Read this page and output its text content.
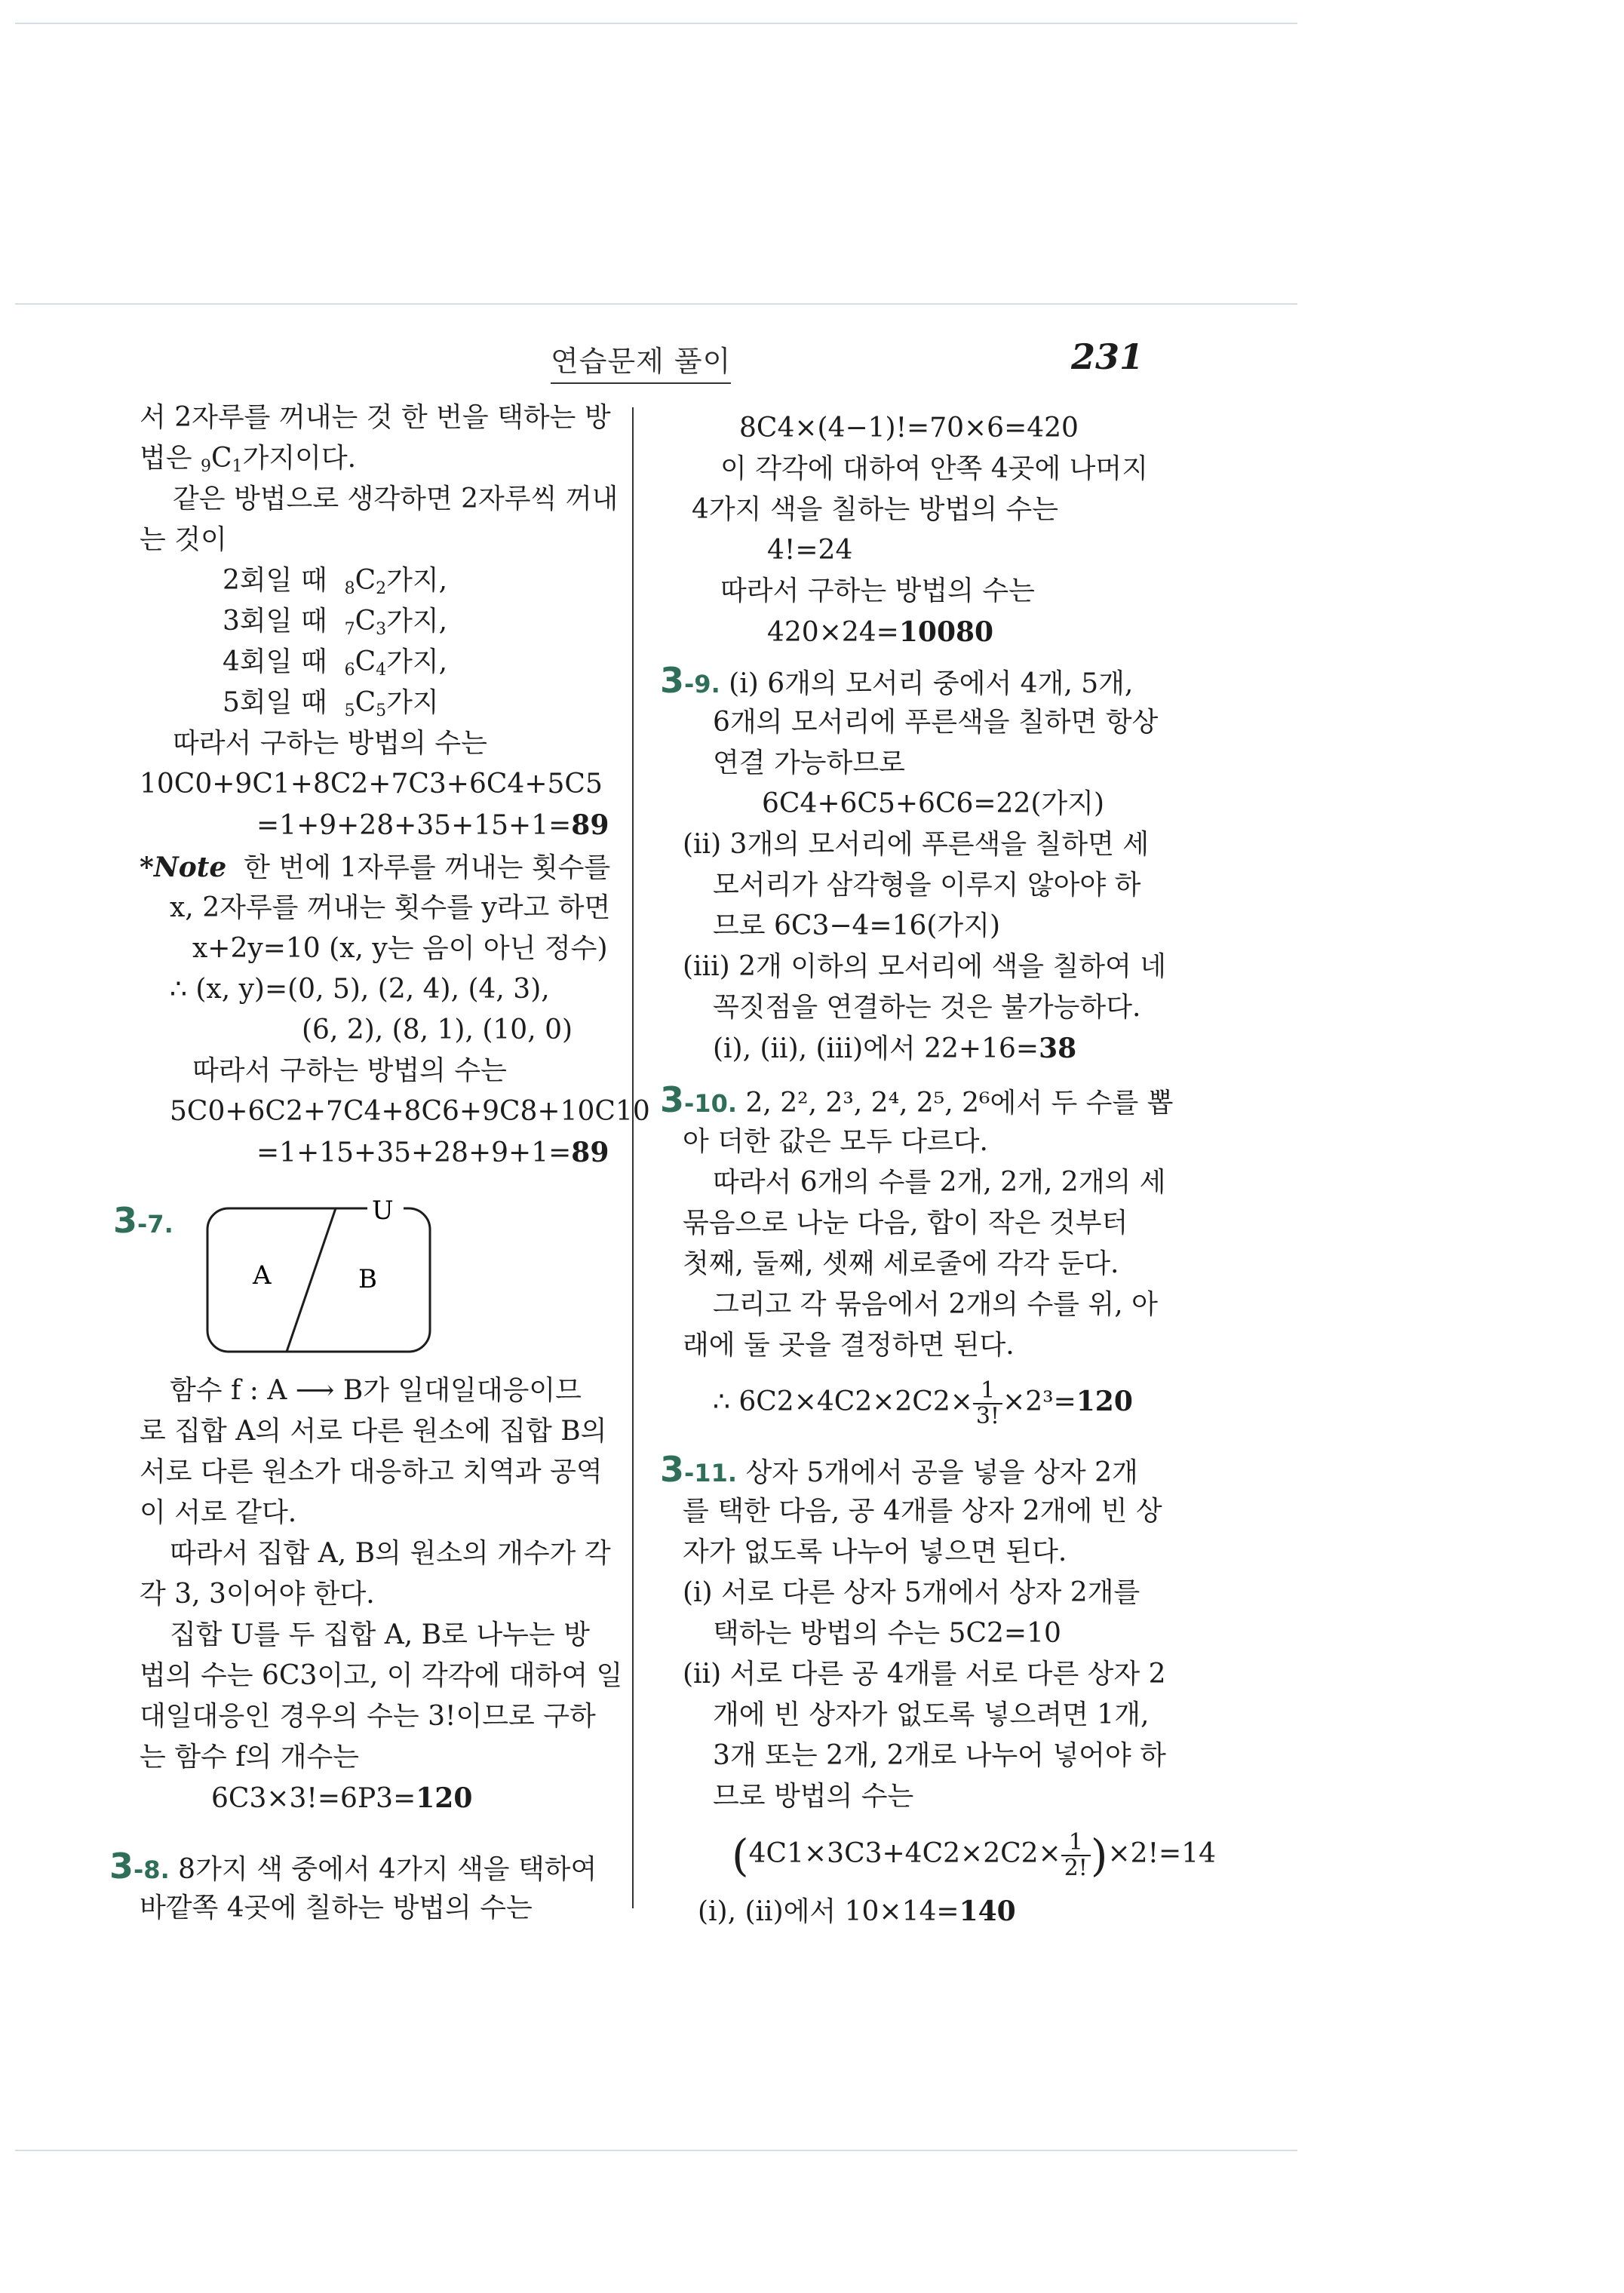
연습문제 풀이	231
서 2자루를 꺼내는 것 한 번을 택하는 방
법은 9C1가지이다.
같은 방법으로 생각하면 2자루씩 꺼내
는 것이
2회일 때 8C2가지,
3회일 때 7C3가지,
4회일 때 6C4가지,
5회일 때 5C5가지
따라서 구하는 방법의 수는
10C0+9C1+8C2+7C3+6C4+5C5
=1+9+28+35+15+1=89
*Note 한 번에 1자루를 꺼내는 횟수를
x, 2자루를 꺼내는 횟수를 y라고 하면
x+2y=10 (x, y는 음이 아닌 정수)
∴ (x, y)=(0, 5), (2, 4), (4, 3),
(6, 2), (8, 1), (10, 0)
따라서 구하는 방법의 수는
5C0+6C2+7C4+8C6+9C8+10C10
=1+15+35+28+9+1=89
3-7.	U
A	B
함수 f : A ⟶ B가 일대일대응이므
로 집합 A의 서로 다른 원소에 집합 B의
서로 다른 원소가 대응하고 치역과 공역
이 서로 같다.
따라서 집합 A, B의 원소의 개수가 각
각 3, 3이어야 한다.
집합 U를 두 집합 A, B로 나누는 방
법의 수는 6C3이고, 이 각각에 대하여 일
대일대응인 경우의 수는 3!이므로 구하
는 함수 f의 개수는
6C3×3!=6P3=120
3-8. 8가지 색 중에서 4가지 색을 택하여
바깥쪽 4곳에 칠하는 방법의 수는
8C4×(4−1)!=70×6=420
이 각각에 대하여 안쪽 4곳에 나머지
4가지 색을 칠하는 방법의 수는
4!=24
따라서 구하는 방법의 수는
420×24=10080
3-9. (i) 6개의 모서리 중에서 4개, 5개,
6개의 모서리에 푸른색을 칠하면 항상
연결 가능하므로
6C4+6C5+6C6=22(가지)
(ii) 3개의 모서리에 푸른색을 칠하면 세
모서리가 삼각형을 이루지 않아야 하
므로 6C3−4=16(가지)
(iii) 2개 이하의 모서리에 색을 칠하여 네
꼭짓점을 연결하는 것은 불가능하다.
(i), (ii), (iii)에서 22+16=38
3-10. 2, 2², 2³, 2⁴, 2⁵, 2⁶에서 두 수를 뽑
아 더한 값은 모두 다르다.
따라서 6개의 수를 2개, 2개, 2개의 세
묶음으로 나눈 다음, 합이 작은 것부터
첫째, 둘째, 셋째 세로줄에 각각 둔다.
그리고 각 묶음에서 2개의 수를 위, 아
래에 둘 곳을 결정하면 된다.
∴ $6C2\times 4C2\times 2C2\times \frac{1}{3!} \times 2^3=120$
3-11. 상자 5개에서 공을 넣을 상자 2개
를 택한 다음, 공 4개를 상자 2개에 빈 상
자가 없도록 나누어 넣으면 된다.
(i) 서로 다른 상자 5개에서 상자 2개를
택하는 방법의 수는 5C2=10
(ii) 서로 다른 공 4개를 서로 다른 상자 2
개에 빈 상자가 없도록 넣으려면 1개,
3개 또는 2개, 2개로 나누어 넣어야 하
므로 방법의 수는
$(4C1\times 3C3+4C2\times 2C2\times \frac{1}{2!} )\times 2!=14$
(i), (ii)에서 10×14=140
